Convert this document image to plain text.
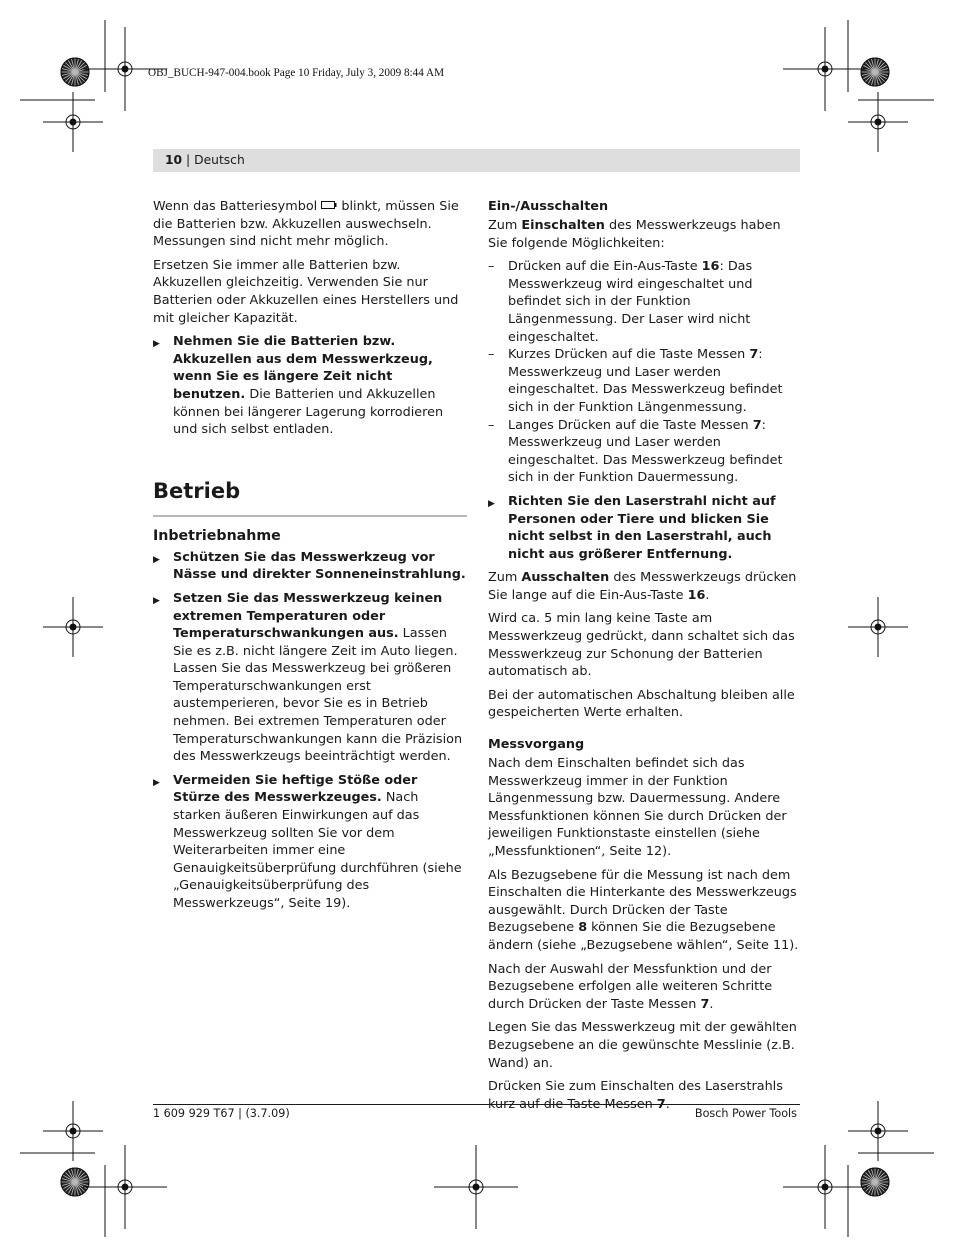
OBJ_BUCH-947-004.book Page 10 Friday, July 3, 2009 8:44 AM
10 | Deutsch

Wenn das Batteriesymbol  blinkt, müssen Sie die Batterien bzw. Akkuzellen auswechseln. Messungen sind nicht mehr möglich.

Ersetzen Sie immer alle Batterien bzw. Akkuzellen gleichzeitig. Verwenden Sie nur Batterien oder Akkuzellen eines Herstellers und mit gleicher Kapazität.

▶	Nehmen Sie die Batterien bzw. Akkuzellen aus dem Messwerkzeug, wenn Sie es längere Zeit nicht benutzen. Die Batterien und Akkuzellen können bei längerer Lagerung korrodieren und sich selbst entladen.
Betrieb
Inbetriebnahme
▶	Schützen Sie das Messwerkzeug vor Nässe und direkter Sonneneinstrahlung.
▶	Setzen Sie das Messwerkzeug keinen extremen Temperaturen oder Temperaturschwankungen aus. Lassen Sie es z.B. nicht längere Zeit im Auto liegen. Lassen Sie das Messwerkzeug bei größeren Temperaturschwankungen erst austemperieren, bevor Sie es in Betrieb nehmen. Bei extremen Temperaturen oder Temperaturschwankungen kann die Präzision des Messwerkzeugs beeinträchtigt werden.
▶	Vermeiden Sie heftige Stöße oder Stürze des Messwerkzeuges. Nach starken äußeren Einwirkungen auf das Messwerkzeug sollten Sie vor dem Weiterarbeiten immer eine Genauigkeitsüberprüfung durchführen (siehe „Genauigkeitsüberprüfung des Messwerkzeugs“, Seite 19).
Ein-/Ausschalten

Zum Einschalten des Messwerkzeugs haben Sie folgende Möglichkeiten:

–	Drücken auf die Ein-Aus-Taste 16: Das Messwerkzeug wird eingeschaltet und befindet sich in der Funktion Längenmessung. Der Laser wird nicht eingeschaltet.
–	Kurzes Drücken auf die Taste Messen 7: Messwerkzeug und Laser werden eingeschaltet. Das Messwerkzeug befindet sich in der Funktion Längenmessung.
–	Langes Drücken auf die Taste Messen 7: Messwerkzeug und Laser werden eingeschaltet. Das Messwerkzeug befindet sich in der Funktion Dauermessung.
▶	Richten Sie den Laserstrahl nicht auf Personen oder Tiere und blicken Sie nicht selbst in den Laserstrahl, auch nicht aus größerer Entfernung.

Zum Ausschalten des Messwerkzeugs drücken Sie lange auf die Ein-Aus-Taste 16.

Wird ca. 5 min lang keine Taste am Messwerkzeug gedrückt, dann schaltet sich das Messwerkzeug zur Schonung der Batterien automatisch ab.

Bei der automatischen Abschaltung bleiben alle gespeicherten Werte erhalten.

Messvorgang

Nach dem Einschalten befindet sich das Messwerkzeug immer in der Funktion Längenmessung bzw. Dauermessung. Andere Messfunktionen können Sie durch Drücken der jeweiligen Funktionstaste einstellen (siehe „Messfunktionen“, Seite 12).

Als Bezugsebene für die Messung ist nach dem Einschalten die Hinterkante des Messwerkzeugs ausgewählt. Durch Drücken der Taste Bezugsebene 8 können Sie die Bezugsebene ändern (siehe „Bezugsebene wählen“, Seite 11).

Nach der Auswahl der Messfunktion und der Bezugsebene erfolgen alle weiteren Schritte durch Drücken der Taste Messen 7.

Legen Sie das Messwerkzeug mit der gewählten Bezugsebene an die gewünschte Messlinie (z.B. Wand) an.

Drücken Sie zum Einschalten des Laserstrahls kurz auf die Taste Messen 7.

1 609 929 T67 | (3.7.09)	Bosch Power Tools
